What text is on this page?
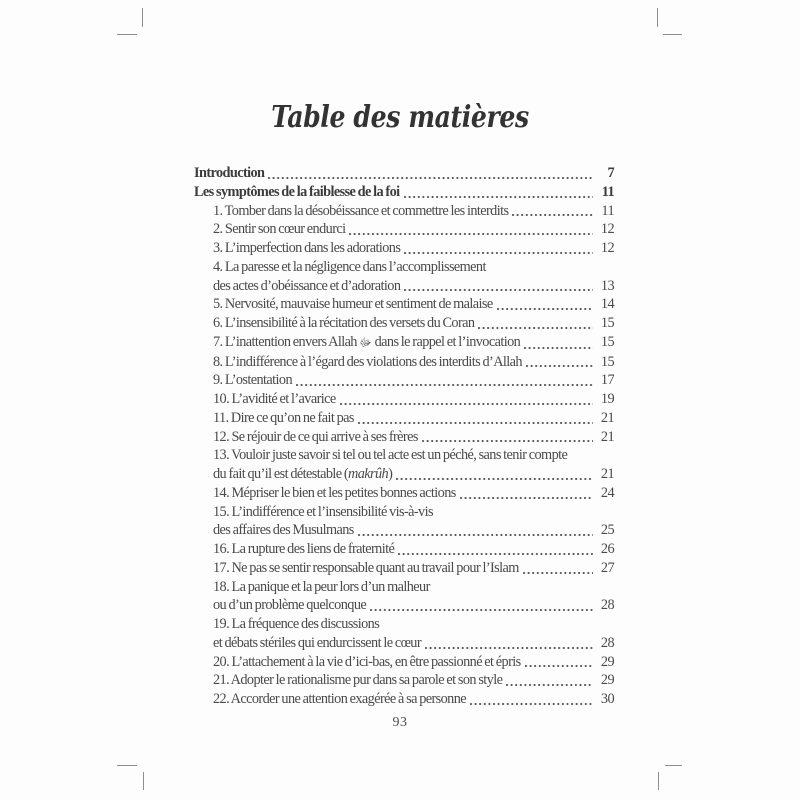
Table des matières
Introduction	7
Les symptômes de la faiblesse de la foi	11
1. Tomber dans la désobéissance et commettre les interdits	11
2. Sentir son cœur endurci	12
3. L’imperfection dans les adorations	12
4. La paresse et la négligence dans l’accomplissement
des actes d’obéissance et d’adoration	13
5. Nervosité, mauvaise humeur et sentiment de malaise	14
6. L’insensibilité à la récitation des versets du Coran	15
7. L’inattention envers Allah ﷻ dans le rappel et l’invocation	15
8. L’indifférence à l’égard des violations des interdits d’Allah	15
9. L’ostentation	17
10. L’avidité et l’avarice	19
11. Dire ce qu’on ne fait pas	21
12. Se réjouir de ce qui arrive à ses frères	21
13. Vouloir juste savoir si tel ou tel acte est un péché, sans tenir compte
du fait qu’il est détestable (makrûh)	21
14. Mépriser le bien et les petites bonnes actions	24
15. L’indifférence et l’insensibilité vis-à-vis
des affaires des Musulmans	25
16. La rupture des liens de fraternité	26
17. Ne pas se sentir responsable quant au travail pour l’Islam	27
18. La panique et la peur lors d’un malheur
ou d’un problème quelconque	28
19. La fréquence des discussions
et débats stériles qui endurcissent le cœur	28
20. L’attachement à la vie d’ici-bas, en être passionné et épris	29
21. Adopter le rationalisme pur dans sa parole et son style	29
22. Accorder une attention exagérée à sa personne	30
93
